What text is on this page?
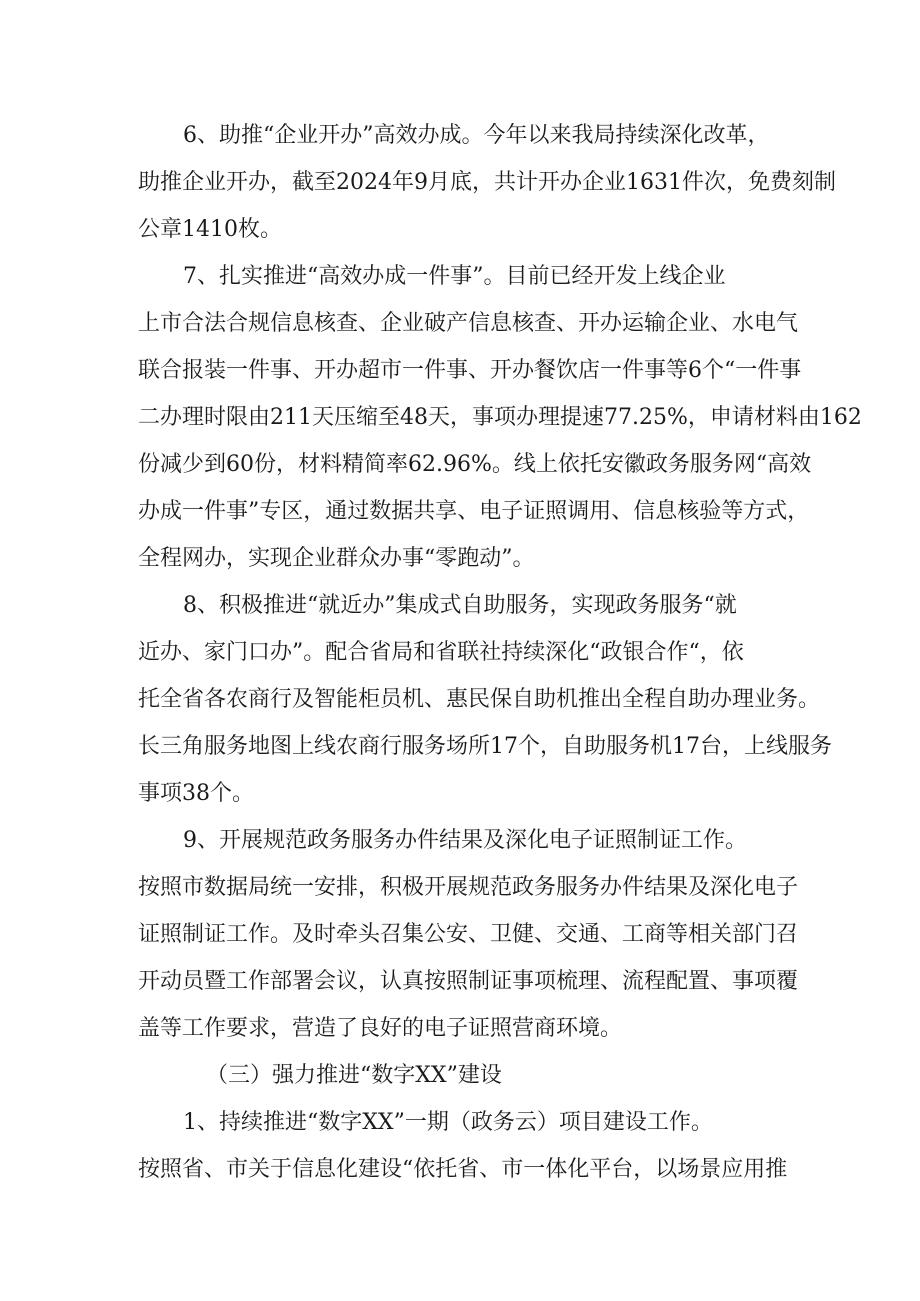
6、助推“企业开办”高效办成。今年以来我局持续深化改革，
助推企业开办，截至2024年9月底，共计开办企业1631件次，免费刻制
公章1410枚。
7、扎实推进“高效办成一件事”。目前已经开发上线企业
上市合法合规信息核查、企业破产信息核查、开办运输企业、水电气
联合报装一件事、开办超市一件事、开办餐饮店一件事等6个“一件事
二办理时限由211天压缩至48天，事项办理提速77.25%，申请材料由162
份减少到60份，材料精简率62.96%。线上依托安徽政务服务网“高效
办成一件事”专区，通过数据共享、电子证照调用、信息核验等方式，
全程网办，实现企业群众办事“零跑动”。
8、积极推进“就近办”集成式自助服务，实现政务服务“就
近办、家门口办”。配合省局和省联社持续深化“政银合作“，依
托全省各农商行及智能柜员机、惠民保自助机推出全程自助办理业务。
长三角服务地图上线农商行服务场所17个，自助服务机17台，上线服务
事项38个。
9、开展规范政务服务办件结果及深化电子证照制证工作。
按照市数据局统一安排，积极开展规范政务服务办件结果及深化电子
证照制证工作。及时牵头召集公安、卫健、交通、工商等相关部门召
开动员暨工作部署会议，认真按照制证事项梳理、流程配置、事项覆
盖等工作要求，营造了良好的电子证照营商环境。
（三）强力推进“数字XX”建设
1、持续推进“数字XX”一期（政务云）项目建设工作。
按照省、市关于信息化建设“依托省、市一体化平台，以场景应用推
